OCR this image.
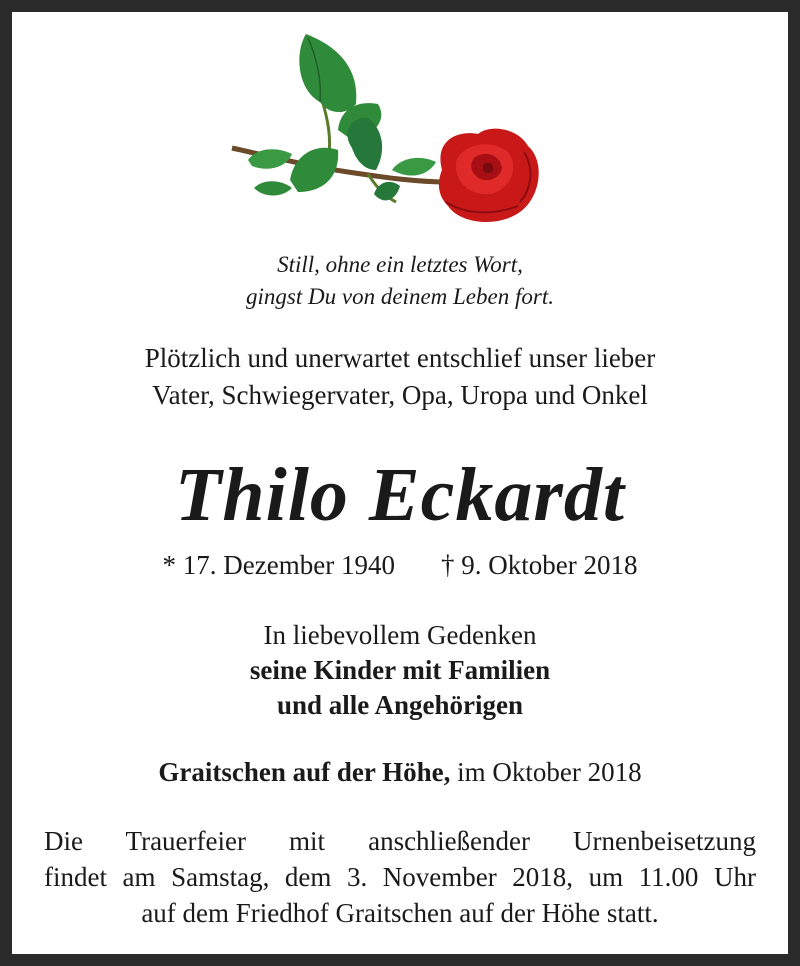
Still, ohne ein letztes Wort,
gingst Du von deinem Leben fort.
Plötzlich und unerwartet entschlief unser lieber
Vater, Schwiegervater, Opa, Uropa und Onkel
Thilo Eckardt
* 17. Dezember 1940 † 9. Oktober 2018
In liebevollem Gedenken
seine Kinder mit Familien
und alle Angehörigen
Graitschen auf der Höhe, im Oktober 2018
Die Trauerfeier mit anschließender Urnenbeisetzung
findet am Samstag, dem 3. November 2018, um 11.00 Uhr
auf dem Friedhof Graitschen auf der Höhe statt.
